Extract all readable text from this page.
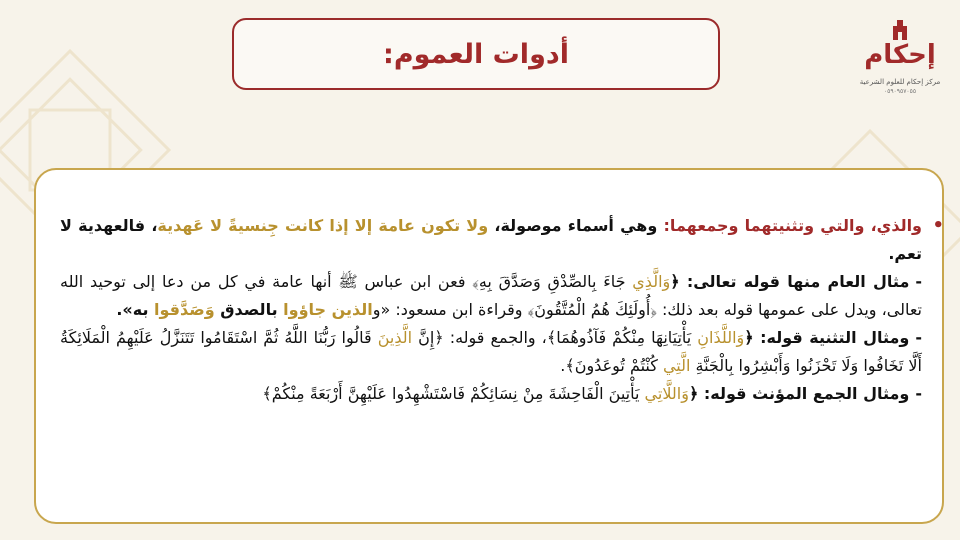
أدوات العموم:	إحكام
مركز إحكام للعلوم الشرعية
٠٥٩٠٩٥٧٠٥٥

•
والذي، والتي وتثنيتهما وجمعهما: وهي أسماء موصولة، ولا تكون عامة إلا إذا كانت جِنسيةً لا عَهدية، فالعهدية لا تعم.

-مثال العام منها قوله تعالى: ﴿وَالَّذِي جَاءَ بِالصِّدْقِ وَصَدَّقَ بِهِ﴾ فعن ابن عباس ﷺ أنها عامة في كل من دعا إلى توحيد الله تعالى، ويدل على عمومها قوله بعد ذلك: ﴿أُولَئِكَ هُمُ الْمُتَّقُونَ﴾ وقراءة ابن مسعود: «والذين جاؤوا بالصدق وَصَدَّقوا به».

-ومثال التثنية قوله: ﴿وَاللَّذَانِ يَأْتِيَانِهَا مِنْكُمْ فَآذُوهُمَا﴾، والجمع قوله: ﴿إِنَّ الَّذِينَ قَالُوا رَبُّنَا اللَّهُ ثُمَّ اسْتَقَامُوا تَتَنَزَّلُ عَلَيْهِمُ الْمَلَائِكَةُ أَلَّا تَخَافُوا وَلَا تَحْزَنُوا وَأَبْشِرُوا بِالْجَنَّةِ الَّتِي كُنْتُمْ تُوعَدُونَ﴾.

-ومثال الجمع المؤنث قوله: ﴿وَاللَّاتِي يَأْتِينَ الْفَاحِشَةَ مِنْ نِسَائِكُمْ فَاسْتَشْهِدُوا عَلَيْهِنَّ أَرْبَعَةً مِنْكُمْ﴾
